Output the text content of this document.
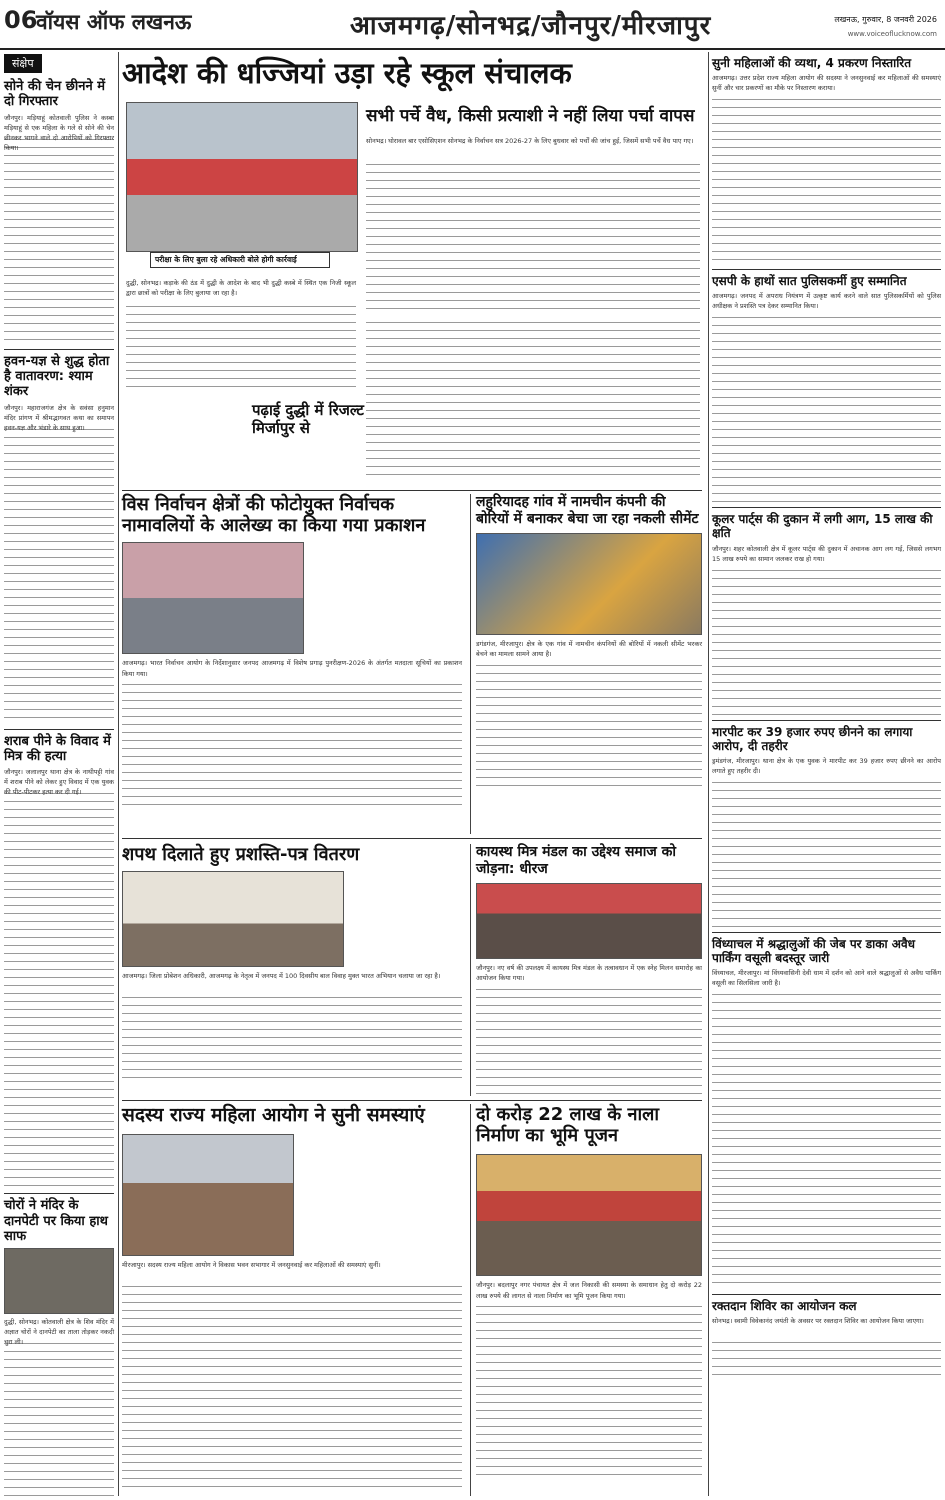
06
वॉयस ऑफ लखनऊ	आजमगढ़/सोनभद्र/जौनपुर/मीरजापुर	लखनऊ, गुरुवार, 8 जनवरी 2026
www.voiceoflucknow.com
संक्षेप
सोने की चेन छीनने में दो गिरफ्तार
जौनपुर। मड़ियाहूं कोतवाली पुलिस ने कस्बा मड़ियाहूं से एक महिला के गले से सोने की चेन छीनकर भागने वाले दो आरोपियों को गिरफ्तार किया।
हवन-यज्ञ से शुद्ध होता है वातावरण: श्याम शंकर
जौनपुर। महाराजगंज क्षेत्र के सवंसा हनुमान मंदिर प्रांगण में श्रीमद्भागवत कथा का समापन हवन-यज्ञ और भंडारे के साथ हुआ।
शराब पीने के विवाद में मित्र की हत्या
जौनपुर। जलालपुर थाना क्षेत्र के नाथीपट्टी गांव में शराब पीने को लेकर हुए विवाद में एक युवक की पीट-पीटकर हत्या कर दी गई।
चोरों ने मंदिर के दानपेटी पर किया हाथ साफ
दुद्धी, सोनभद्र। कोतवाली क्षेत्र के शिव मंदिर में अज्ञात चोरों ने दानपेटी का ताला तोड़कर नकदी चुरा ली।
आदेश की धज्जियां उड़ा रहे स्कूल संचालक
परीक्षा के लिए बुला रहे अधिकारी बोले होगी कार्रवाई
सभी पर्चे वैध, किसी प्रत्याशी ने नहीं लिया पर्चा वापस
सोनभद्र। घोरावल बार एसोसिएशन सोनभद्र के निर्वाचन सत्र 2026-27 के लिए बुधवार को पर्चों की जांच हुई, जिसमें सभी पर्चे वैध पाए गए।
दुद्धी, सोनभद्र। कड़ाके की ठंड में दुद्धी के आदेश के बाद भी दुद्धी कस्बे में स्थित एक निजी स्कूल द्वारा छात्रों को परीक्षा के लिए बुलाया जा रहा है।
पढ़ाई दुद्धी में रिजल्ट मिर्जापुर से
विस निर्वाचन क्षेत्रों की फोटोयुक्त निर्वाचक नामावलियों के आलेख्य का किया गया प्रकाशन
आजमगढ़। भारत निर्वाचन आयोग के निर्देशानुसार जनपद आजमगढ़ में विशेष प्रगाढ़ पुनरीक्षण-2026 के अंतर्गत मतदाता सूचियों का प्रकाशन किया गया।
लहुरियादह गांव में नामचीन कंपनी की बोरियों में बनाकर बेचा जा रहा नकली सीमेंट
डगंडगंज, मीरजापुर। क्षेत्र के एक गांव में नामचीन कंपनियों की बोरियों में नकली सीमेंट भरकर बेचने का मामला सामने आया है।
शपथ दिलाते हुए प्रशस्ति-पत्र वितरण
आजमगढ़। जिला प्रोबेशन अधिकारी, आजमगढ़ के नेतृत्व में जनपद में 100 दिवसीय बाल विवाह मुक्त भारत अभियान चलाया जा रहा है।
कायस्थ मित्र मंडल का उद्देश्य समाज को जोड़ना: धीरज
जौनपुर। नए वर्ष की उपलक्ष्य में कायस्थ मित्र मंडल के तत्वावधान में एक स्नेह मिलन समारोह का आयोजन किया गया।
सदस्य राज्य महिला आयोग ने सुनी समस्याएं
मीरजापुर। सदस्य राज्य महिला आयोग ने विकास भवन सभागार में जनसुनवाई कर महिलाओं की समस्याएं सुनीं।
दो करोड़ 22 लाख के नाला निर्माण का भूमि पूजन
जौनपुर। बदलापुर नगर पंचायत क्षेत्र में जल निकासी की समस्या के समाधान हेतु दो करोड़ 22 लाख रुपये की लागत से नाला निर्माण का भूमि पूजन किया गया।
सुनी महिलाओं की व्यथा, 4 प्रकरण निस्तारित
आजमगढ़। उत्तर प्रदेश राज्य महिला आयोग की सदस्या ने जनसुनवाई कर महिलाओं की समस्याएं सुनीं और चार प्रकरणों का मौके पर निस्तारण कराया।
एसपी के हाथों सात पुलिसकर्मी हुए सम्मानित
आजमगढ़। जनपद में अपराध नियंत्रण में उत्कृष्ट कार्य करने वाले सात पुलिसकर्मियों को पुलिस अधीक्षक ने प्रशस्ति पत्र देकर सम्मानित किया।
कूलर पार्ट्स की दुकान में लगी आग, 15 लाख की क्षति
जौनपुर। शहर कोतवाली क्षेत्र में कूलर पार्ट्स की दुकान में अचानक आग लग गई, जिससे लगभग 15 लाख रुपये का सामान जलकर राख हो गया।
मारपीट कर 39 हजार रुपए छीनने का लगाया आरोप, दी तहरीर
ड्रमंडगंज, मीरजापुर। थाना क्षेत्र के एक युवक ने मारपीट कर 39 हजार रुपए छीनने का आरोप लगाते हुए तहरीर दी।
विंध्याचल में श्रद्धालुओं की जेब पर डाका अवैध पार्किंग वसूली बदस्तूर जारी
विंध्याचल, मीरजापुर। मां विंध्यवासिनी देवी धाम में दर्शन को आने वाले श्रद्धालुओं से अवैध पार्किंग वसूली का सिलसिला जारी है।
रक्तदान शिविर का आयोजन कल
सोनभद्र। स्वामी विवेकानंद जयंती के अवसर पर रक्तदान शिविर का आयोजन किया जाएगा।
